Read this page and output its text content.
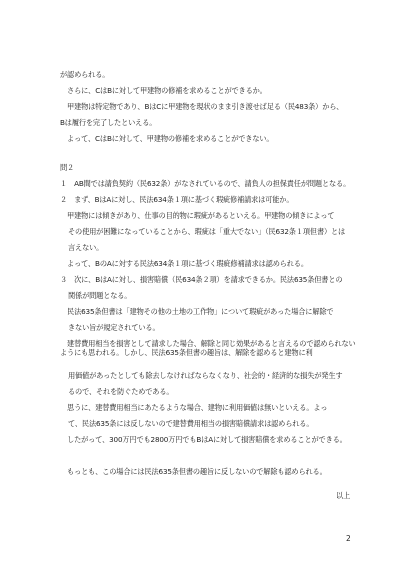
が認められる。
　さらに、CはBに対して甲建物の修補を求めることができるか。
　甲建物は特定物であり、BはCに甲建物を現状のまま引き渡せば足る（民483条）から、
Bは履行を完了したといえる。
　よって、CはBに対して、甲建物の修補を求めることができない。
問２
１　AB間では請負契約（民632条）がなされているので、請負人の担保責任が問題となる。
２　まず、BはAに対し、民法634条１項に基づく瑕疵修補請求は可能か。
　甲建物には傾きがあり、仕事の目的物に瑕疵があるといえる。甲建物の傾きによって
その使用が困難になっていることから、瑕疵は「重大でない」（民632条１項但書）とは
言えない。
　よって、BのAに対する民法634条１項に基づく瑕疵修補請求は認められる。
３　次に、BはAに対し、損害賠償（民634条２項）を請求できるか。民法635条但書との
関係が問題となる。
　民法635条但書は「建物その他の土地の工作物」について瑕疵があった場合に解除で
きない旨が規定されている。
　建替費用相当を損害として請求した場合、解除と同じ効果があると言えるので認められないようにも思われる。しかし、民法635条但書の趣旨は、解除を認めると建物に利
用価値があったとしても除去しなければならなくなり、社会的・経済的な損失が発生す
るので、それを防ぐためである。
　思うに、建替費用相当にあたるような場合、建物に利用価値は無いといえる。よっ
て、民法635条には反しないので建替費用相当の損害賠償請求は認められる。
　したがって、300万円でも2800万円でもBはAに対して損害賠償を求めることができる。
　もっとも、この場合には民法635条但書の趣旨に反しないので解除も認められる。
以上
2
